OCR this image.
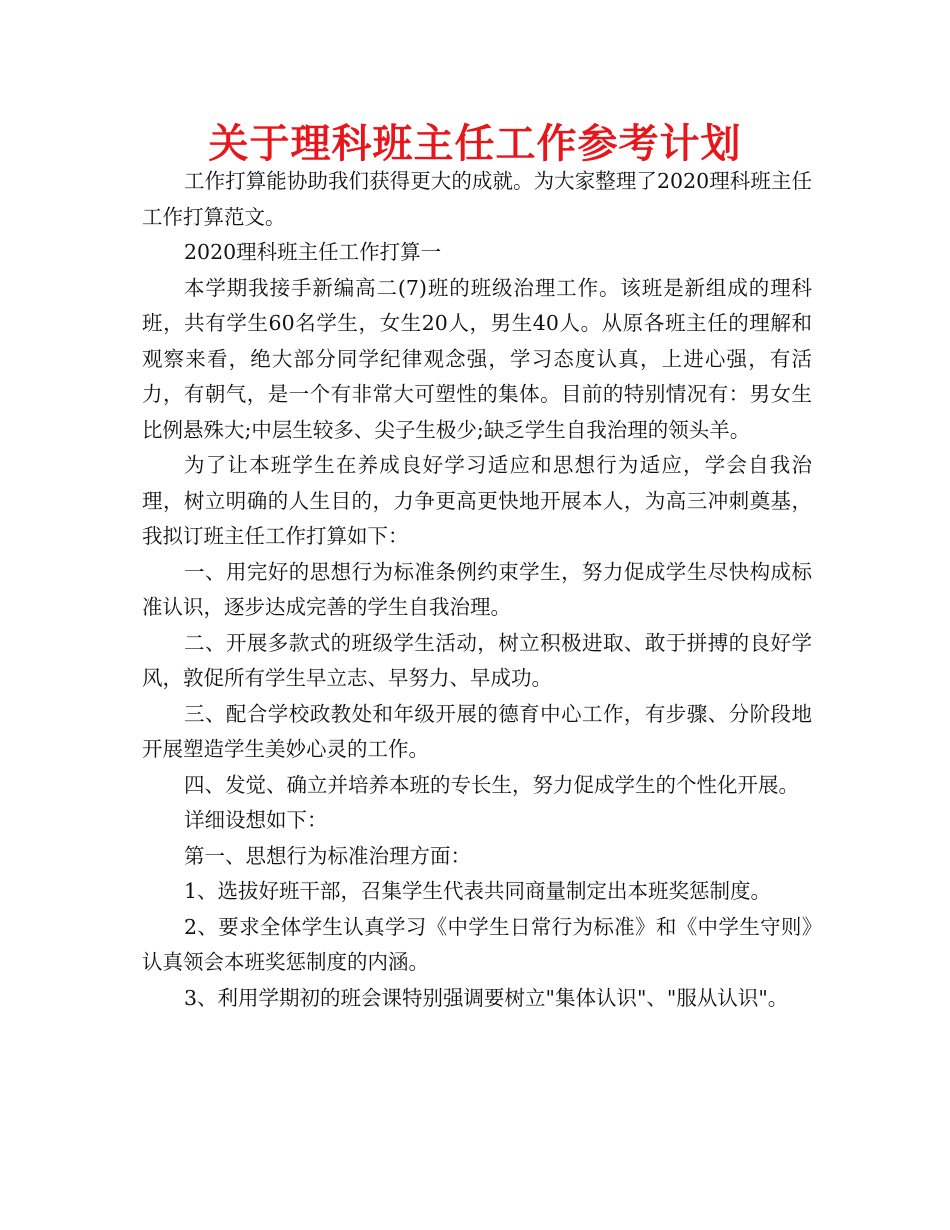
关于理科班主任工作参考计划

工作打算能协助我们获得更大的成就。为大家整理了2020理科班主任工作打算范文。

2020理科班主任工作打算一

本学期我接手新编高二(7)班的班级治理工作。该班是新组成的理科班，共有学生60名学生，女生20人，男生40人。从原各班主任的理解和观察来看，绝大部分同学纪律观念强，学习态度认真，上进心强，有活力，有朝气，是一个有非常大可塑性的集体。目前的特别情况有：男女生比例悬殊大;中层生较多、尖子生极少;缺乏学生自我治理的领头羊。

为了让本班学生在养成良好学习适应和思想行为适应，学会自我治理，树立明确的人生目的，力争更高更快地开展本人，为高三冲刺奠基，我拟订班主任工作打算如下：

一、用完好的思想行为标准条例约束学生，努力促成学生尽快构成标准认识，逐步达成完善的学生自我治理。

二、开展多款式的班级学生活动，树立积极进取、敢于拼搏的良好学风，敦促所有学生早立志、早努力、早成功。

三、配合学校政教处和年级开展的德育中心工作，有步骤、分阶段地开展塑造学生美妙心灵的工作。

四、发觉、确立并培养本班的专长生，努力促成学生的个性化开展。

详细设想如下：

第一、思想行为标准治理方面：

1、选拔好班干部，召集学生代表共同商量制定出本班奖惩制度。

2、要求全体学生认真学习《中学生日常行为标准》和《中学生守则》认真领会本班奖惩制度的内涵。

3、利用学期初的班会课特别强调要树立"集体认识"、"服从认识"。
